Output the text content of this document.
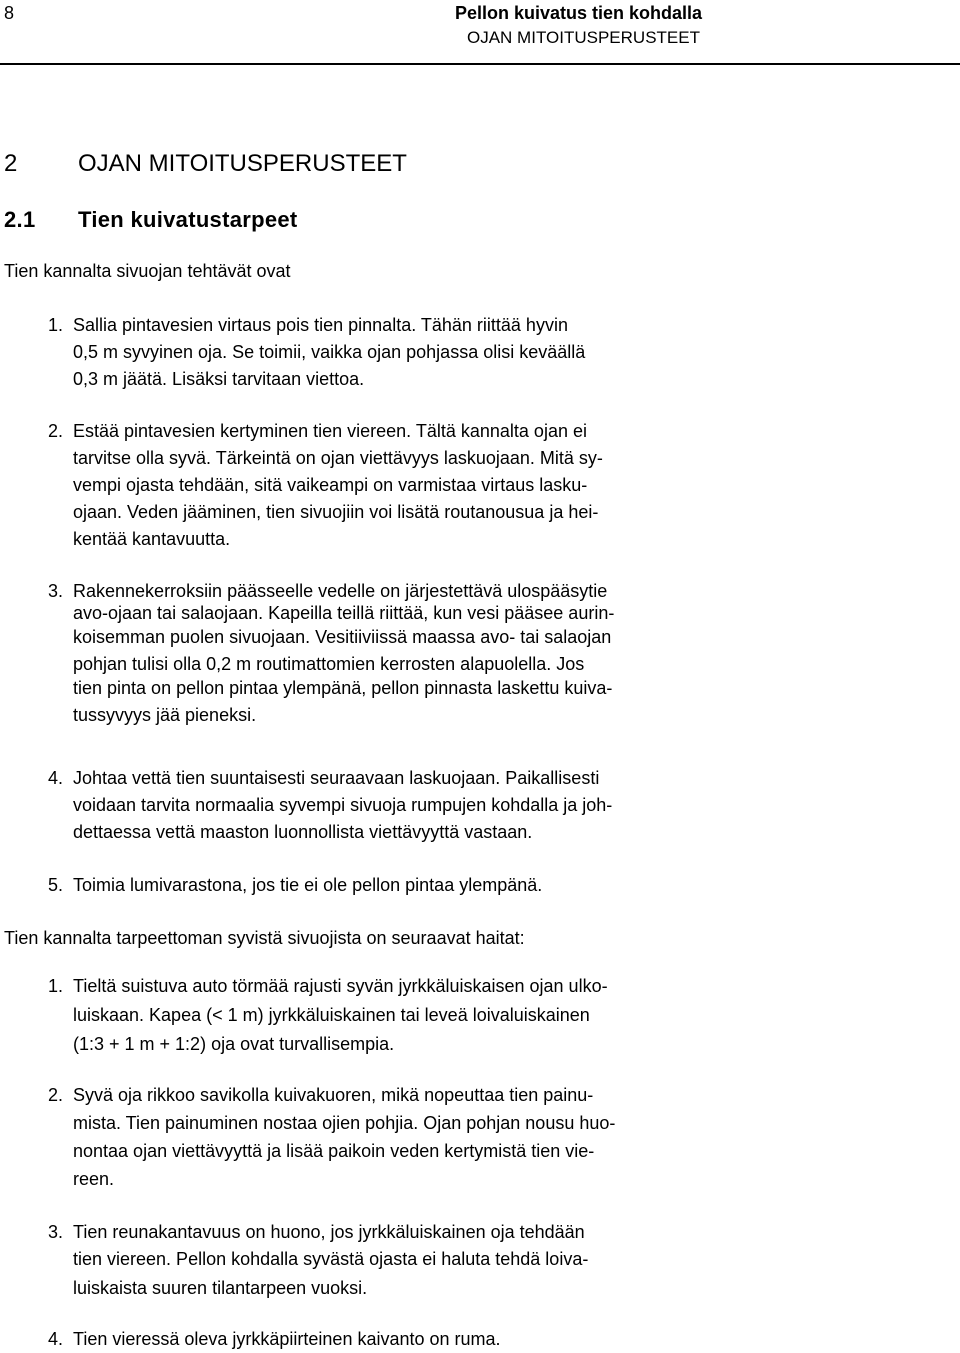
8	Pellon kuivatus tien kohdalla
OJAN MITOITUSPERUSTEET
2	OJAN MITOITUSPERUSTEET
2.1 Tien kuivatustarpeet
Tien kannalta sivuojan tehtävät ovat
1. Sallia pintavesien virtaus pois tien pinnalta. Tähän riittää hyvin
0,5 m syvyinen oja. Se toimii, vaikka ojan pohjassa olisi keväällä
0,3 m jäätä. Lisäksi tarvitaan viettoa.
2. Estää pintavesien kertyminen tien viereen. Tältä kannalta ojan ei
tarvitse olla syvä. Tärkeintä on ojan viettävyys laskuojaan. Mitä sy-
vempi ojasta tehdään, sitä vaikeampi on varmistaa virtaus lasku-
ojaan. Veden jääminen, tien sivuojiin voi lisätä routanousua ja hei-
kentää kantavuutta.
3. Rakennekerroksiin päässeelle vedelle on järjestettävä ulospääsytie
avo-ojaan tai salaojaan. Kapeilla teillä riittää, kun vesi pääsee aurin-
koisemman puolen sivuojaan. Vesitiiviissä maassa avo- tai salaojan
pohjan tulisi olla 0,2 m routimattomien kerrosten alapuolella. Jos
tien pinta on pellon pintaa ylempänä, pellon pinnasta laskettu kuiva-
tussyvyys jää pieneksi.
4. Johtaa vettä tien suuntaisesti seuraavaan laskuojaan. Paikallisesti
voidaan tarvita normaalia syvempi sivuoja rumpujen kohdalla ja joh-
dettaessa vettä maaston luonnollista viettävyyttä vastaan.
5. Toimia lumivarastona, jos tie ei ole pellon pintaa ylempänä.
Tien kannalta tarpeettoman syvistä sivuojista on seuraavat haitat:
1. Tieltä suistuva auto törmää rajusti syvän jyrkkäluiskaisen ojan ulko-
luiskaan. Kapea (< 1 m) jyrkkäluiskainen tai leveä loivaluiskainen
(1:3 + 1 m + 1:2) oja ovat turvallisempia.
2. Syvä oja rikkoo savikolla kuivakuoren, mikä nopeuttaa tien painu-
mista. Tien painuminen nostaa ojien pohjia. Ojan pohjan nousu huo-
nontaa ojan viettävyyttä ja lisää paikoin veden kertymistä tien vie-
reen.
3. Tien reunakantavuus on huono, jos jyrkkäluiskainen oja tehdään
tien viereen. Pellon kohdalla syvästä ojasta ei haluta tehdä loiva-
luiskaista suuren tilantarpeen vuoksi.
4. Tien vieressä oleva jyrkkäpiirteinen kaivanto on ruma.
